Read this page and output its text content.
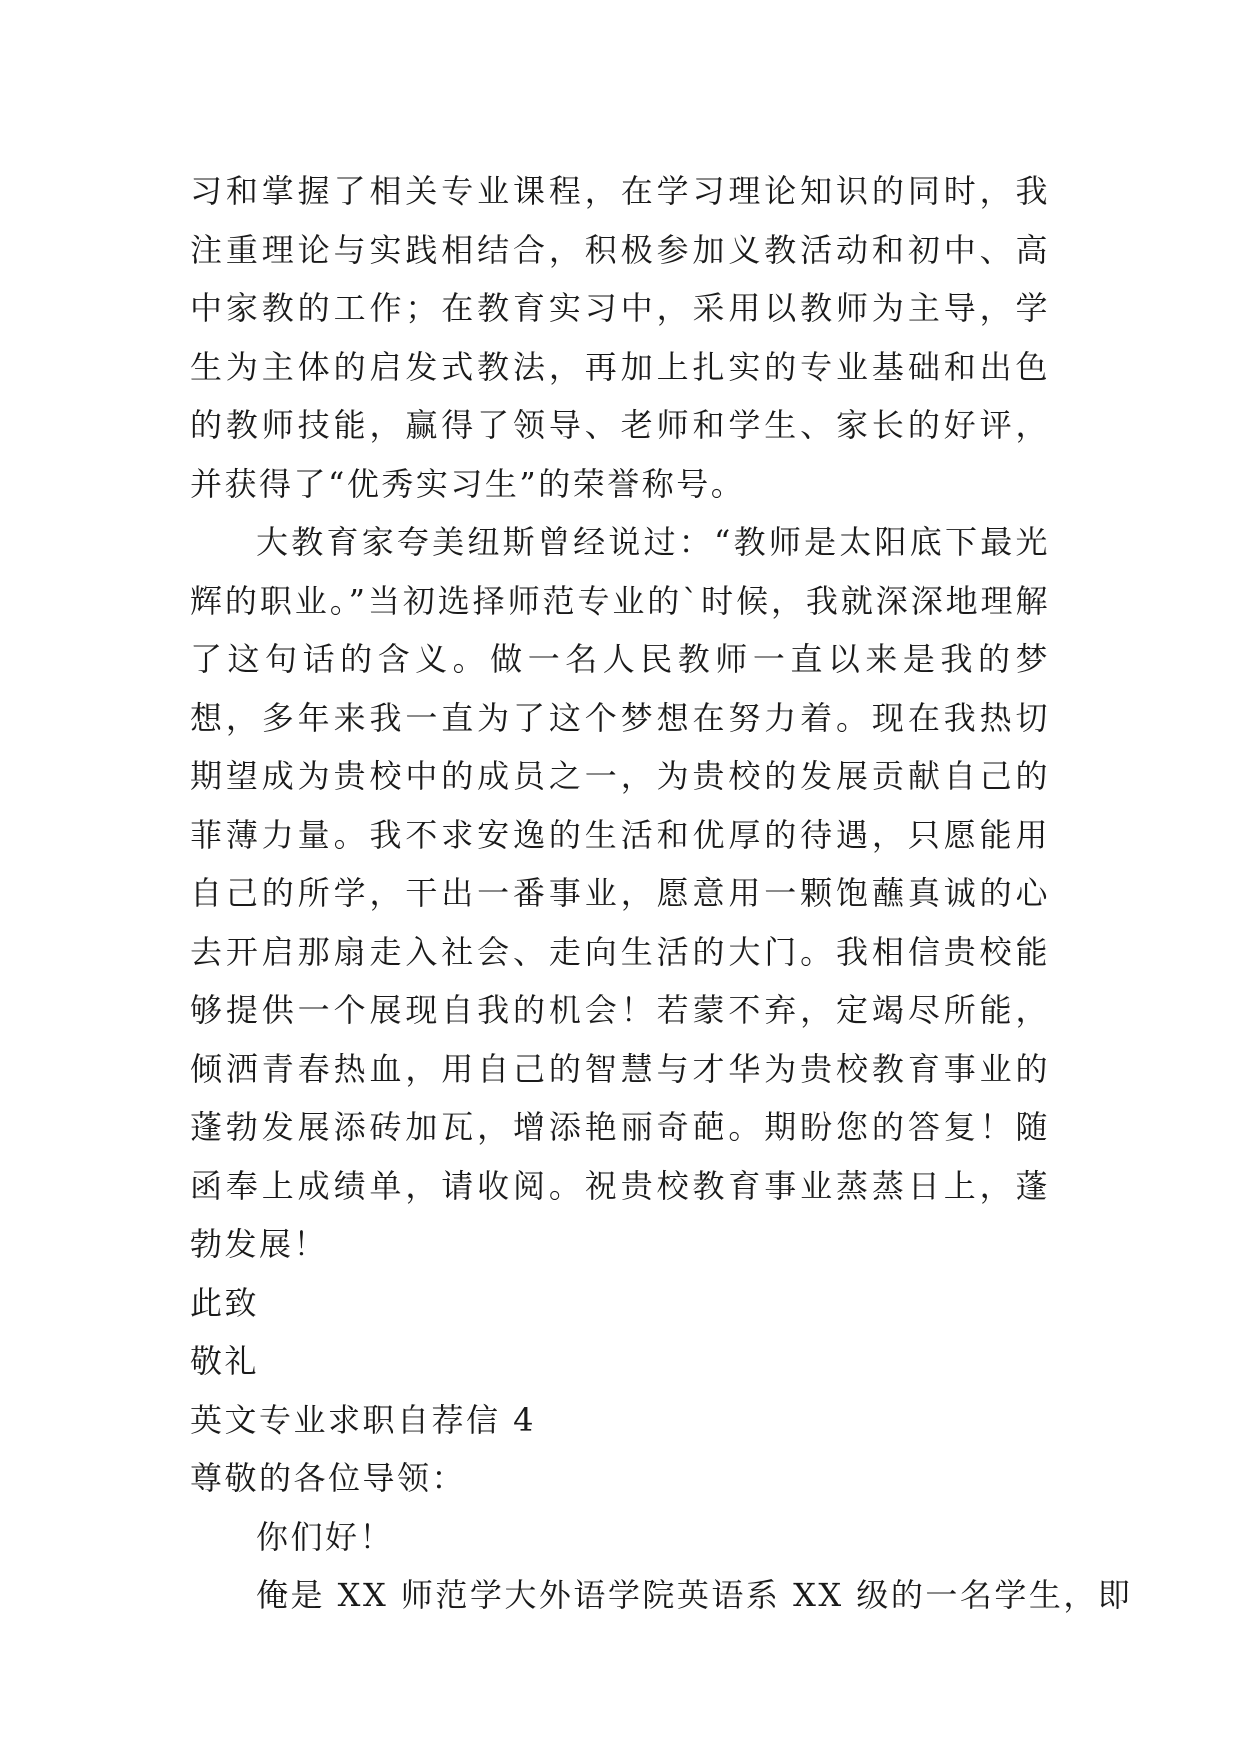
习和掌握了相关专业课程，在学习理论知识的同时，我注重理论与实践相结合，积极参加义教活动和初中、高中家教的工作；在教育实习中，采用以教师为主导，学生为主体的启发式教法，再加上扎实的专业基础和出色的教师技能，赢得了领导、老师和学生、家长的好评，并获得了“优秀实习生”的荣誉称号。

大教育家夸美纽斯曾经说过：“教师是太阳底下最光辉的职业。”当初选择师范专业的`时候，我就深深地理解了这句话的含义。做一名人民教师一直以来是我的梦想，多年来我一直为了这个梦想在努力着。现在我热切期望成为贵校中的成员之一，为贵校的发展贡献自己的菲薄力量。我不求安逸的生活和优厚的待遇，只愿能用自己的所学，干出一番事业，愿意用一颗饱蘸真诚的心去开启那扇走入社会、走向生活的大门。我相信贵校能够提供一个展现自我的机会！若蒙不弃，定竭尽所能，倾洒青春热血，用自己的智慧与才华为贵校教育事业的蓬勃发展添砖加瓦，增添艳丽奇葩。期盼您的答复！随函奉上成绩单，请收阅。祝贵校教育事业蒸蒸日上，蓬勃发展！

此致

敬礼

英文专业求职自荐信 4

尊敬的各位导领：

你们好！

俺是 XX 师范学大外语学院英语系 XX 级的一名学生，即
